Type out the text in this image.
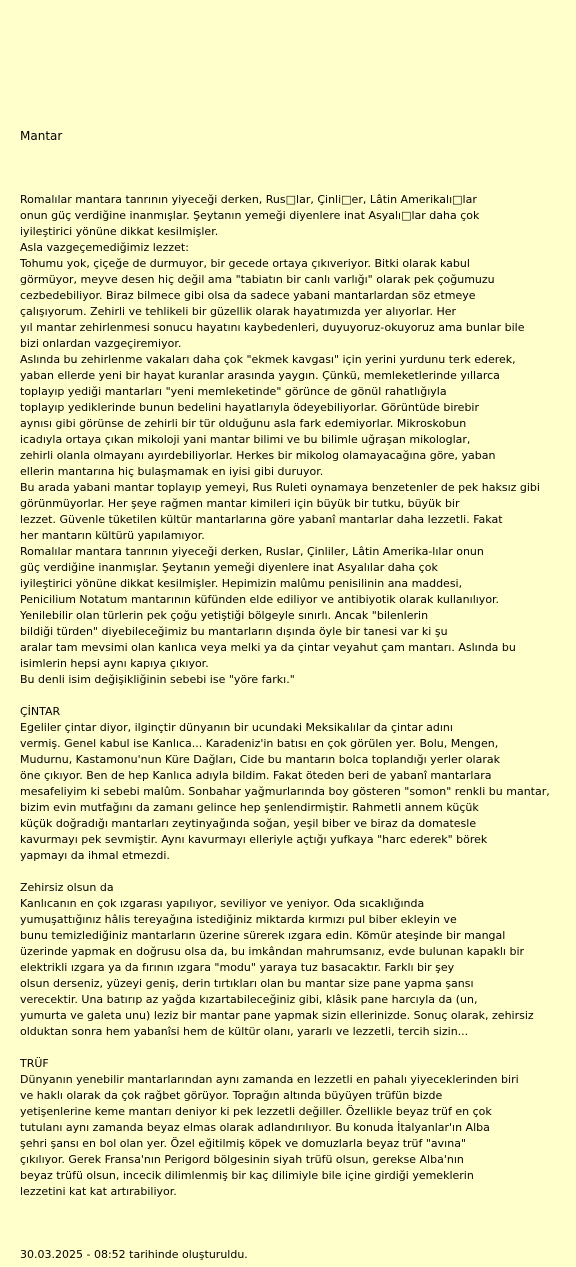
Mantar
Romalılar mantara tanrının yiyeceği derken, Rus□lar, Çinli□er, Lâtin Amerikalı□lar
onun güç verdiğine inanmışlar. Şeytanın yemeği diyenlere inat Asyalı□lar daha çok
iyileştirici yönüne dikkat kesilmişler.
Asla vazgeçemediğimiz lezzet:
Tohumu yok, çiçeğe de durmuyor, bir gecede ortaya çıkıveriyor. Bitki olarak kabul
görmüyor, meyve desen hiç değil ama "tabiatın bir canlı varlığı" olarak pek çoğumuzu
cezbedebiliyor. Biraz bilmece gibi olsa da sadece yabani mantarlardan söz etmeye
çalışıyorum. Zehirli ve tehlikeli bir güzellik olarak hayatımızda yer alıyorlar. Her
yıl mantar zehirlenmesi sonucu hayatını kaybedenleri, duyuyoruz-okuyoruz ama bunlar bile
bizi onlardan vazgeçiremiyor.
Aslında bu zehirlenme vakaları daha çok "ekmek kavgası" için yerini yurdunu terk ederek,
yaban ellerde yeni bir hayat kuranlar arasında yaygın. Çünkü, memleketlerinde yıllarca
toplayıp yediği mantarları "yeni memleketinde" görünce de gönül rahatlığıyla
toplayıp yediklerinde bunun bedelini hayatlarıyla ödeyebiliyorlar. Görüntüde birebir
aynısı gibi görünse de zehirli bir tür olduğunu asla fark edemiyorlar. Mikroskobun
icadıyla ortaya çıkan mikoloji yani mantar bilimi ve bu bilimle uğraşan mikologlar,
zehirli olanla olmayanı ayırdebiliyorlar. Herkes bir mikolog olamayacağına göre, yaban
ellerin mantarına hiç bulaşmamak en iyisi gibi duruyor.
Bu arada yabani mantar toplayıp yemeyi, Rus Ruleti oynamaya benzetenler de pek haksız gibi
görünmüyorlar. Her şeye rağmen mantar kimileri için büyük bir tutku, büyük bir
lezzet. Güvenle tüketilen kültür mantarlarına göre yabanî mantarlar daha lezzetli. Fakat
her mantarın kültürü yapılamıyor.
Romalılar mantara tanrının yiyeceği derken, Ruslar, Çinliler, Lâtin Amerika-lılar onun
güç verdiğine inanmışlar. Şeytanın yemeği diyenlere inat Asyalılar daha çok
iyileştirici yönüne dikkat kesilmişler. Hepimizin malûmu penisilinin ana maddesi,
Penicilium Notatum mantarının küfünden elde ediliyor ve antibiyotik olarak kullanılıyor.
Yenilebilir olan türlerin pek çoğu yetiştiği bölgeyle sınırlı. Ancak "bilenlerin
bildiği türden" diyebileceğimiz bu mantarların dışında öyle bir tanesi var ki şu
aralar tam mevsimi olan kanlıca veya melki ya da çintar veyahut çam mantarı. Aslında bu
isimlerin hepsi aynı kapıya çıkıyor.
Bu denli isim değişikliğinin sebebi ise "yöre farkı."
ÇİNTAR
Egeliler çintar diyor, ilginçtir dünyanın bir ucundaki Meksikalılar da çintar adını
vermiş. Genel kabul ise Kanlıca... Karadeniz'in batısı en çok görülen yer. Bolu, Mengen,
Mudurnu, Kastamonu'nun Küre Dağları, Cide bu mantarın bolca toplandığı yerler olarak
öne çıkıyor. Ben de hep Kanlıca adıyla bildim. Fakat öteden beri de yabanî mantarlara
mesafeliyim ki sebebi malûm. Sonbahar yağmurlarında boy gösteren "somon" renkli bu mantar,
bizim evin mutfağını da zamanı gelince hep şenlendirmiştir. Rahmetli annem küçük
küçük doğradığı mantarları zeytinyağında soğan, yeşil biber ve biraz da domatesle
kavurmayı pek sevmiştir. Aynı kavurmayı elleriyle açtığı yufkaya "harc ederek" börek
yapmayı da ihmal etmezdi.
Zehirsiz olsun da
Kanlıcanın en çok ızgarası yapılıyor, seviliyor ve yeniyor. Oda sıcaklığında
yumuşattığınız hâlis tereyağına istediğiniz miktarda kırmızı pul biber ekleyin ve
bunu temizlediğiniz mantarların üzerine sürerek ızgara edin. Kömür ateşinde bir mangal
üzerinde yapmak en doğrusu olsa da, bu imkândan mahrumsanız, evde bulunan kapaklı bir
elektrikli ızgara ya da fırının ızgara "modu" yaraya tuz basacaktır. Farklı bir şey
olsun derseniz, yüzeyi geniş, derin tırtıkları olan bu mantar size pane yapma şansı
verecektir. Una batırıp az yağda kızartabileceğiniz gibi, klâsik pane harcıyla da (un,
yumurta ve galeta unu) leziz bir mantar pane yapmak sizin ellerinizde. Sonuç olarak, zehirsiz
olduktan sonra hem yabanîsi hem de kültür olanı, yararlı ve lezzetli, tercih sizin...
TRÜF
Dünyanın yenebilir mantarlarından aynı zamanda en lezzetli en pahalı yiyeceklerinden biri
ve haklı olarak da çok rağbet görüyor. Toprağın altında büyüyen trüfün bizde
yetişenlerine keme mantarı deniyor ki pek lezzetli değiller. Özellikle beyaz trüf en çok
tutulanı aynı zamanda beyaz elmas olarak adlandırılıyor. Bu konuda İtalyanlar'ın Alba
şehri şansı en bol olan yer. Özel eğitilmiş köpek ve domuzlarla beyaz trüf "avına"
çıkılıyor. Gerek Fransa'nın Perigord bölgesinin siyah trüfü olsun, gerekse Alba'nın
beyaz trüfü olsun, incecik dilimlenmiş bir kaç dilimiyle bile içine girdiği yemeklerin
lezzetini kat kat artırabiliyor.
30.03.2025 - 08:52 tarihinde oluşturuldu.
